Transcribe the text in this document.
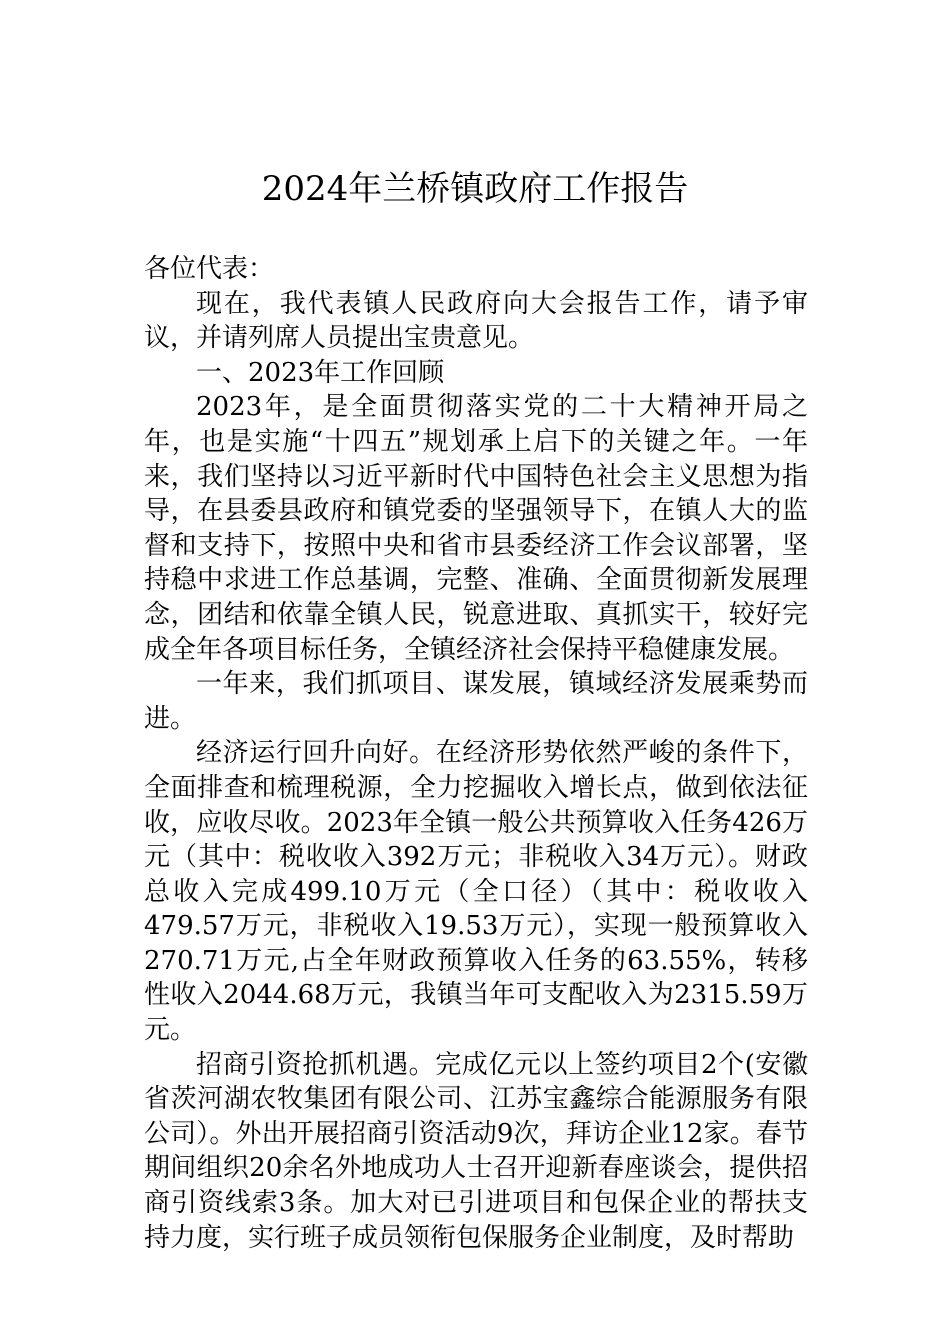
2024年兰桥镇政府工作报告

各位代表：

现在，我代表镇人民政府向大会报告工作，请予审议，并请列席人员提出宝贵意见。

一、2023年工作回顾

2023年，是全面贯彻落实党的二十大精神开局之年，也是实施“十四五”规划承上启下的关键之年。一年来，我们坚持以习近平新时代中国特色社会主义思想为指导，在县委县政府和镇党委的坚强领导下，在镇人大的监督和支持下，按照中央和省市县委经济工作会议部署，坚持稳中求进工作总基调，完整、准确、全面贯彻新发展理念，团结和依靠全镇人民，锐意进取、真抓实干，较好完成全年各项目标任务，全镇经济社会保持平稳健康发展。

一年来，我们抓项目、谋发展，镇域经济发展乘势而进。

经济运行回升向好。在经济形势依然严峻的条件下，全面排查和梳理税源，全力挖掘收入增长点，做到依法征收，应收尽收。2023年全镇一般公共预算收入任务426万元（其中：税收收入392万元；非税收入34万元）。财政总收入完成499.10万元（全口径）（其中：税收收入479.57万元，非税收入19.53万元），实现一般预算收入270.71万元,占全年财政预算收入任务的63.55%，转移性收入2044.68万元，我镇当年可支配收入为2315.59万元。

招商引资抢抓机遇。完成亿元以上签约项目2个(安徽省茨河湖农牧集团有限公司、江苏宝鑫综合能源服务有限公司）。外出开展招商引资活动9次，拜访企业12家。春节期间组织20余名外地成功人士召开迎新春座谈会，提供招商引资线索3条。加大对已引进项目和包保企业的帮扶支持力度，实行班子成员领衔包保服务企业制度，及时帮助
